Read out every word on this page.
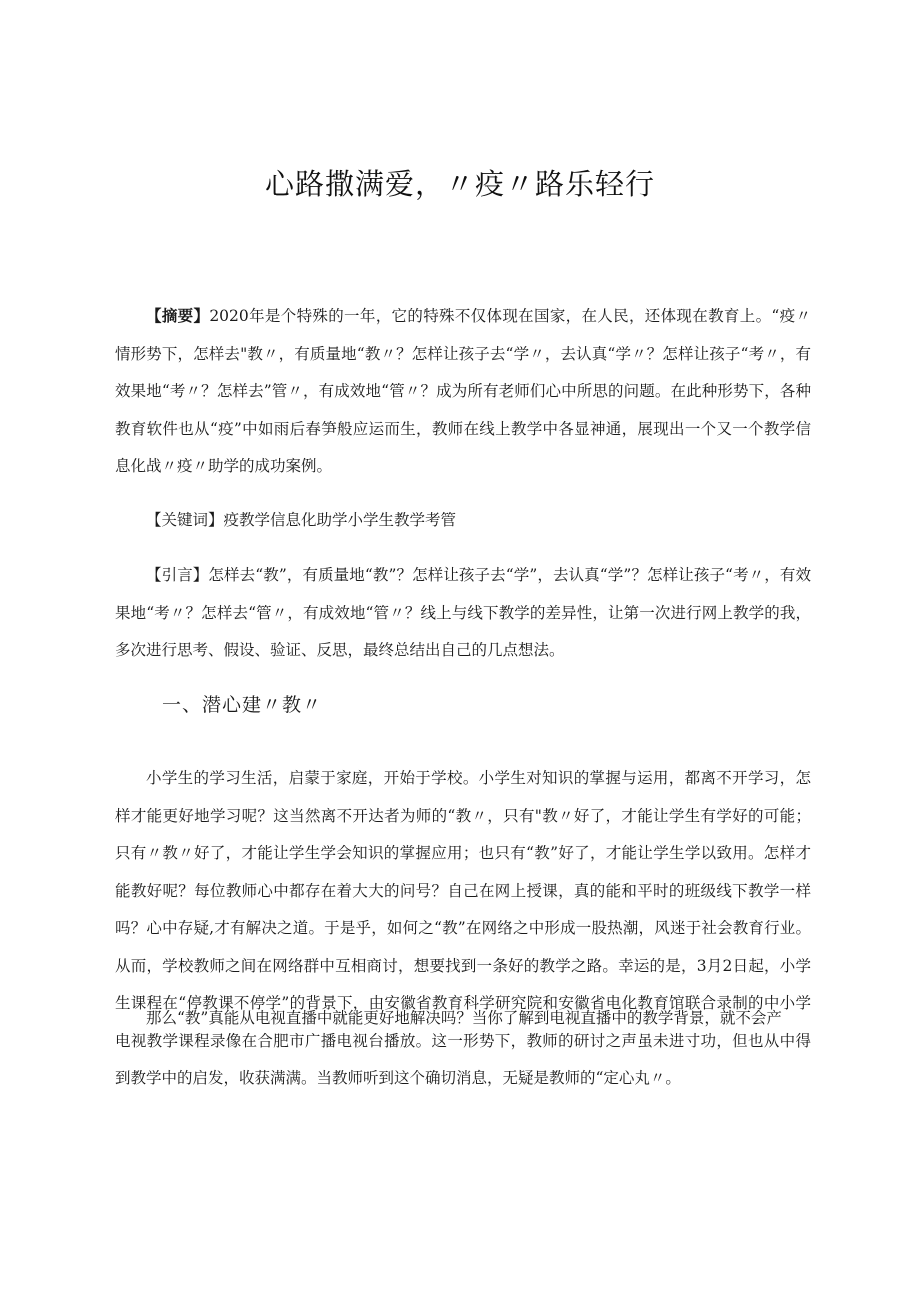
心路撒满爱，〃疫〃路乐轻行

【摘要】2020年是个特殊的一年，它的特殊不仅体现在国家，在人民，还体现在教育上。“疫〃情形势下，怎样去"教〃，有质量地“教〃？怎样让孩子去“学〃，去认真“学〃？怎样让孩子“考〃，有效果地“考〃？怎样去”管〃，有成效地“管〃？成为所有老师们心中所思的问题。在此种形势下，各种教育软件也从“疫”中如雨后春笋般应运而生，教师在线上教学中各显神通，展现出一个又一个教学信息化战〃疫〃助学的成功案例。

【关键词】疫教学信息化助学小学生教学考管

【引言】怎样去“教”，有质量地“教”？怎样让孩子去“学”，去认真“学”？怎样让孩子“考〃，有效果地“考〃？怎样去“管〃，有成效地“管〃？线上与线下教学的差异性，让第一次进行网上教学的我，多次进行思考、假设、验证、反思，最终总结出自己的几点想法。

一、潜心建〃教〃

小学生的学习生活，启蒙于家庭，开始于学校。小学生对知识的掌握与运用，都离不开学习，怎样才能更好地学习呢？这当然离不开达者为师的“教〃，只有"教〃好了，才能让学生有学好的可能；只有〃教〃好了，才能让学生学会知识的掌握应用；也只有“教”好了，才能让学生学以致用。怎样才能教好呢？每位教师心中都存在着大大的问号？自己在网上授课，真的能和平时的班级线下教学一样吗？心中存疑,才有解决之道。于是乎，如何之“教”在网络之中形成一股热潮，风迷于社会教育行业。从而，学校教师之间在网络群中互相商讨，想要找到一条好的教学之路。幸运的是，3月2日起，小学生课程在“停教课不停学”的背景下，由安徽省教育科学研究院和安徽省电化教育馆联合录制的中小学电视教学课程录像在合肥市广播电视台播放。这一形势下，教师的研讨之声虽未进寸功，但也从中得到教学中的启发，收获满满。当教师听到这个确切消息，无疑是教师的“定心丸〃。

那么“教”真能从电视直播中就能更好地解决吗？当你了解到电视直播中的教学背景，就不会产
